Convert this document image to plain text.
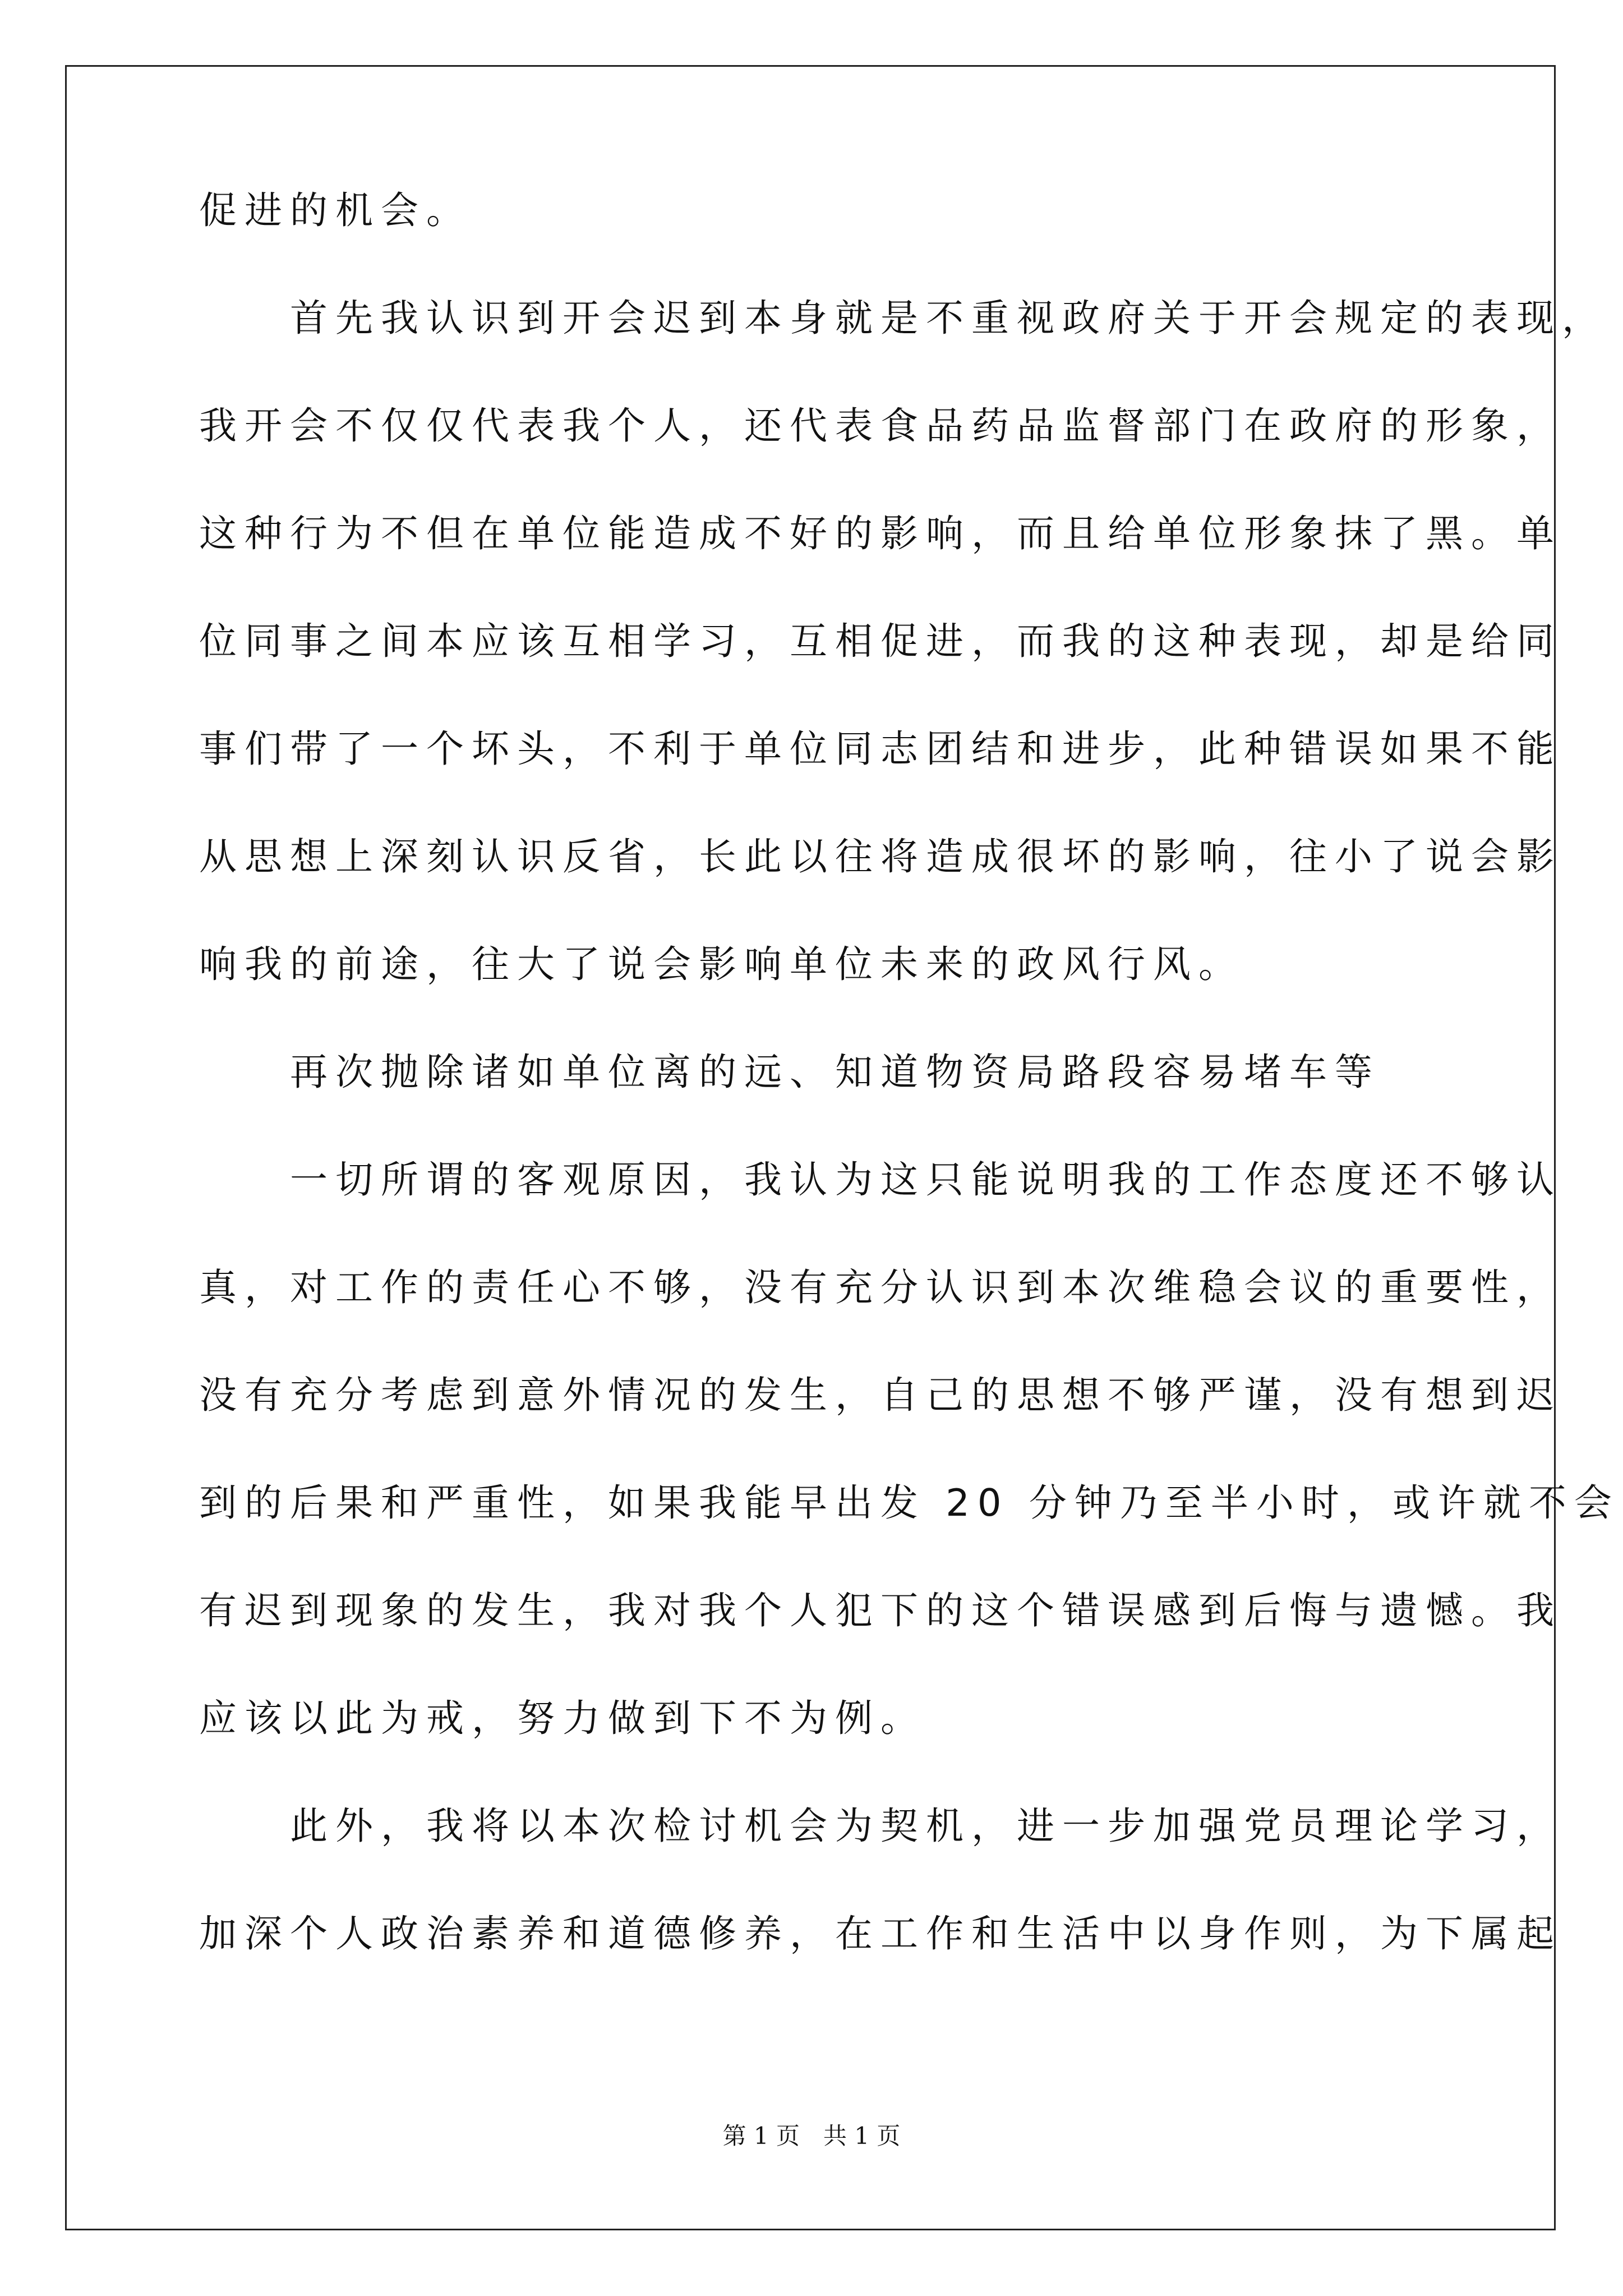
促进的机会。
　　首先我认识到开会迟到本身就是不重视政府关于开会规定的表现，
我开会不仅仅代表我个人，还代表食品药品监督部门在政府的形象，
这种行为不但在单位能造成不好的影响，而且给单位形象抹了黑。单
位同事之间本应该互相学习，互相促进，而我的这种表现，却是给同
事们带了一个坏头，不利于单位同志团结和进步，此种错误如果不能
从思想上深刻认识反省，长此以往将造成很坏的影响，往小了说会影
响我的前途，往大了说会影响单位未来的政风行风。
　　再次抛除诸如单位离的远、知道物资局路段容易堵车等
　　一切所谓的客观原因，我认为这只能说明我的工作态度还不够认
真，对工作的责任心不够，没有充分认识到本次维稳会议的重要性，
没有充分考虑到意外情况的发生，自己的思想不够严谨，没有想到迟
到的后果和严重性，如果我能早出发 20 分钟乃至半小时，或许就不会
有迟到现象的发生，我对我个人犯下的这个错误感到后悔与遗憾。我
应该以此为戒，努力做到下不为例。
　　此外，我将以本次检讨机会为契机，进一步加强党员理论学习，
加深个人政治素养和道德修养，在工作和生活中以身作则，为下属起
第 1 页　共 1 页
